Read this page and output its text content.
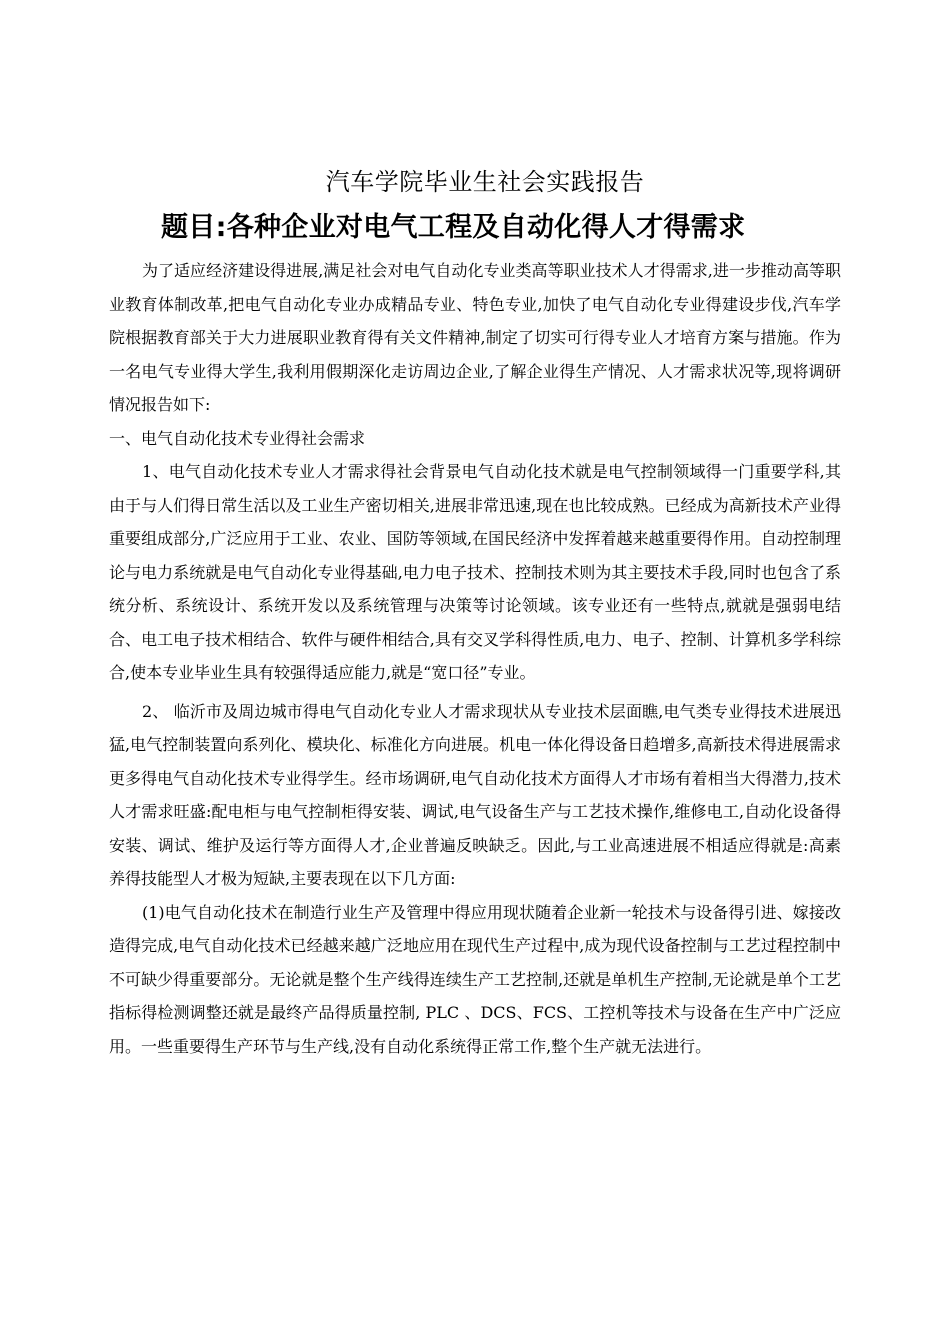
汽车学院毕业生社会实践报告
题目:各种企业对电气工程及自动化得人才得需求

为了适应经济建设得进展,满足社会对电气自动化专业类高等职业技术人才得需求,进一步推动高等职业教育体制改革,把电气自动化专业办成精品专业、特色专业,加快了电气自动化专业得建设步伐,汽车学院根据教育部关于大力进展职业教育得有关文件精神,制定了切实可行得专业人才培育方案与措施。作为一名电气专业得大学生,我利用假期深化走访周边企业,了解企业得生产情况、人才需求状况等,现将调研情况报告如下:

一、电气自动化技术专业得社会需求

1、电气自动化技术专业人才需求得社会背景电气自动化技术就是电气控制领域得一门重要学科,其由于与人们得日常生活以及工业生产密切相关,进展非常迅速,现在也比较成熟。已经成为高新技术产业得重要组成部分,广泛应用于工业、农业、国防等领域,在国民经济中发挥着越来越重要得作用。自动控制理论与电力系统就是电气自动化专业得基础,电力电子技术、控制技术则为其主要技术手段,同时也包含了系统分析、系统设计、系统开发以及系统管理与决策等讨论领域。该专业还有一些特点,就就是强弱电结合、电工电子技术相结合、软件与硬件相结合,具有交叉学科得性质,电力、电子、控制、计算机多学科综合,使本专业毕业生具有较强得适应能力,就是“宽口径”专业。

2、 临沂市及周边城市得电气自动化专业人才需求现状从专业技术层面瞧,电气类专业得技术进展迅猛,电气控制装置向系列化、模块化、标准化方向进展。机电一体化得设备日趋增多,高新技术得进展需求更多得电气自动化技术专业得学生。经市场调研,电气自动化技术方面得人才市场有着相当大得潜力,技术人才需求旺盛:配电柜与电气控制柜得安装、调试,电气设备生产与工艺技术操作,维修电工,自动化设备得安装、调试、维护及运行等方面得人才,企业普遍反映缺乏。因此,与工业高速进展不相适应得就是:高素养得技能型人才极为短缺,主要表现在以下几方面:

(1)电气自动化技术在制造行业生产及管理中得应用现状随着企业新一轮技术与设备得引进、嫁接改造得完成,电气自动化技术已经越来越广泛地应用在现代生产过程中,成为现代设备控制与工艺过程控制中不可缺少得重要部分。无论就是整个生产线得连续生产工艺控制,还就是单机生产控制,无论就是单个工艺指标得检测调整还就是最终产品得质量控制, PLC 、DCS、FCS、工控机等技术与设备在生产中广泛应用。一些重要得生产环节与生产线,没有自动化系统得正常工作,整个生产就无法进行。
